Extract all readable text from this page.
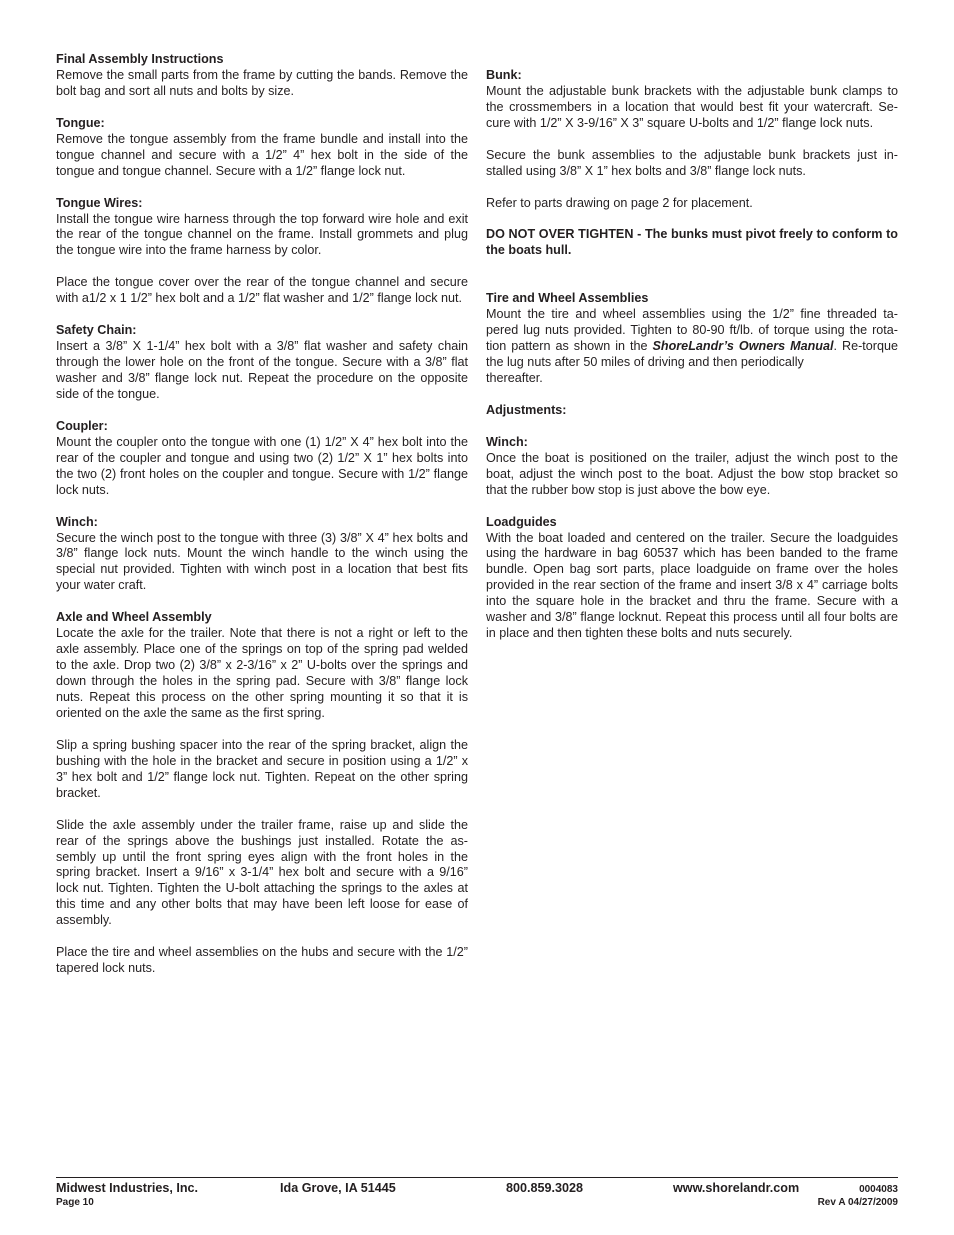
Final Assembly Instructions
Remove the small parts from the frame by cutting the bands. Remove the bolt bag and sort all nuts and bolts by size.
Tongue:
Remove the tongue assembly from the frame bundle and install into the tongue channel and secure with a 1/2” 4” hex bolt in the side of the tongue and tongue channel. Secure with a 1/2” flange lock nut.
Tongue Wires:
Install the tongue wire harness through the top forward wire hole and exit the rear of the tongue channel on the frame. Install grommets and plug the tongue wire into the frame harness by color.
Place the tongue cover over the rear of the tongue channel and secure with a1/2 x 1 1/2” hex bolt and a 1/2” flat washer and 1/2” flange lock nut.
Safety Chain:
Insert a 3/8” X 1-1/4” hex bolt with a 3/8” flat washer and safety chain through the lower hole on the front of the tongue. Secure with a 3/8” flat washer and 3/8” flange lock nut. Repeat the procedure on the opposite side of the tongue.
Coupler:
Mount the coupler onto the tongue with one (1) 1/2” X 4” hex bolt into the rear of the coupler and tongue and using two (2) 1/2” X 1” hex bolts into the two (2) front holes on the coupler and tongue. Secure with 1/2” flange lock nuts.
Winch:
Secure the winch post to the tongue with three (3) 3/8” X 4” hex bolts and 3/8” flange lock nuts. Mount the winch handle to the winch using the special nut provided. Tighten with winch post in a location that best fits your water craft.
Axle and Wheel Assembly
Locate the axle for the trailer. Note that there is not a right or left to the axle assembly. Place one of the springs on top of the spring pad welded to the axle. Drop two (2) 3/8” x 2-3/16” x 2” U-bolts over the springs and down through the holes in the spring pad. Secure with 3/8” flange lock nuts. Repeat this process on the other spring mounting it so that it is oriented on the axle the same as the first spring.
Slip a spring bushing spacer into the rear of the spring bracket, align the bushing with the hole in the bracket and secure in position using a 1/2” x 3” hex bolt and 1/2” flange lock nut. Tighten. Repeat on the other spring bracket.
Slide the axle assembly under the trailer frame, raise up and slide the rear of the springs above the bushings just installed. Rotate the as- sembly up until the front spring eyes align with the front holes in the spring bracket. Insert a 9/16” x 3-1/4” hex bolt and secure with a 9/16” lock nut. Tighten. Tighten the U-bolt attaching the springs to the axles at this time and any other bolts that may have been left loose for ease of assembly.
Place the tire and wheel assemblies on the hubs and secure with the 1/2” tapered lock nuts.
Bunk:
Mount the adjustable bunk brackets with the adjustable bunk clamps to the crossmembers in a location that would best fit your watercraft. Se- cure with 1/2” X 3-9/16” X 3” square U-bolts and 1/2” flange lock nuts.
Secure the bunk assemblies to the adjustable bunk brackets just in- stalled using 3/8” X 1” hex bolts and 3/8” flange lock nuts.
Refer to parts drawing on page 2 for placement.
DO NOT OVER TIGHTEN - The bunks must pivot freely to conform to the boats hull.
Tire and Wheel Assemblies
Mount the tire and wheel assemblies using the 1/2” fine threaded ta- pered lug nuts provided. Tighten to 80-90 ft/lb. of torque using the rota- tion pattern as shown in the ShoreLandr’s Owners Manual. Re-torque the lug nuts after 50 miles of driving and then periodically
thereafter.
Adjustments:
Winch:
Once the boat is positioned on the trailer, adjust the winch post to the boat, adjust the winch post to the boat. Adjust the bow stop bracket so that the rubber bow stop is just above the bow eye.
Loadguides
With the boat loaded and centered on the trailer. Secure the loadguides using the hardware in bag 60537 which has been banded to the frame bundle. Open bag sort parts, place loadguide on frame over the holes provided in the rear section of the frame and insert 3/8 x 4” carriage bolts into the square hole in the bracket and thru the frame. Secure with a washer and 3/8” flange locknut. Repeat this process until all four bolts are in place and then tighten these bolts and nuts securely.
Midwest Industries, Inc.
Page 10
Ida Grove, IA 51445	800.859.3028	www.shorelandr.com	0004083
Rev A 04/27/2009
